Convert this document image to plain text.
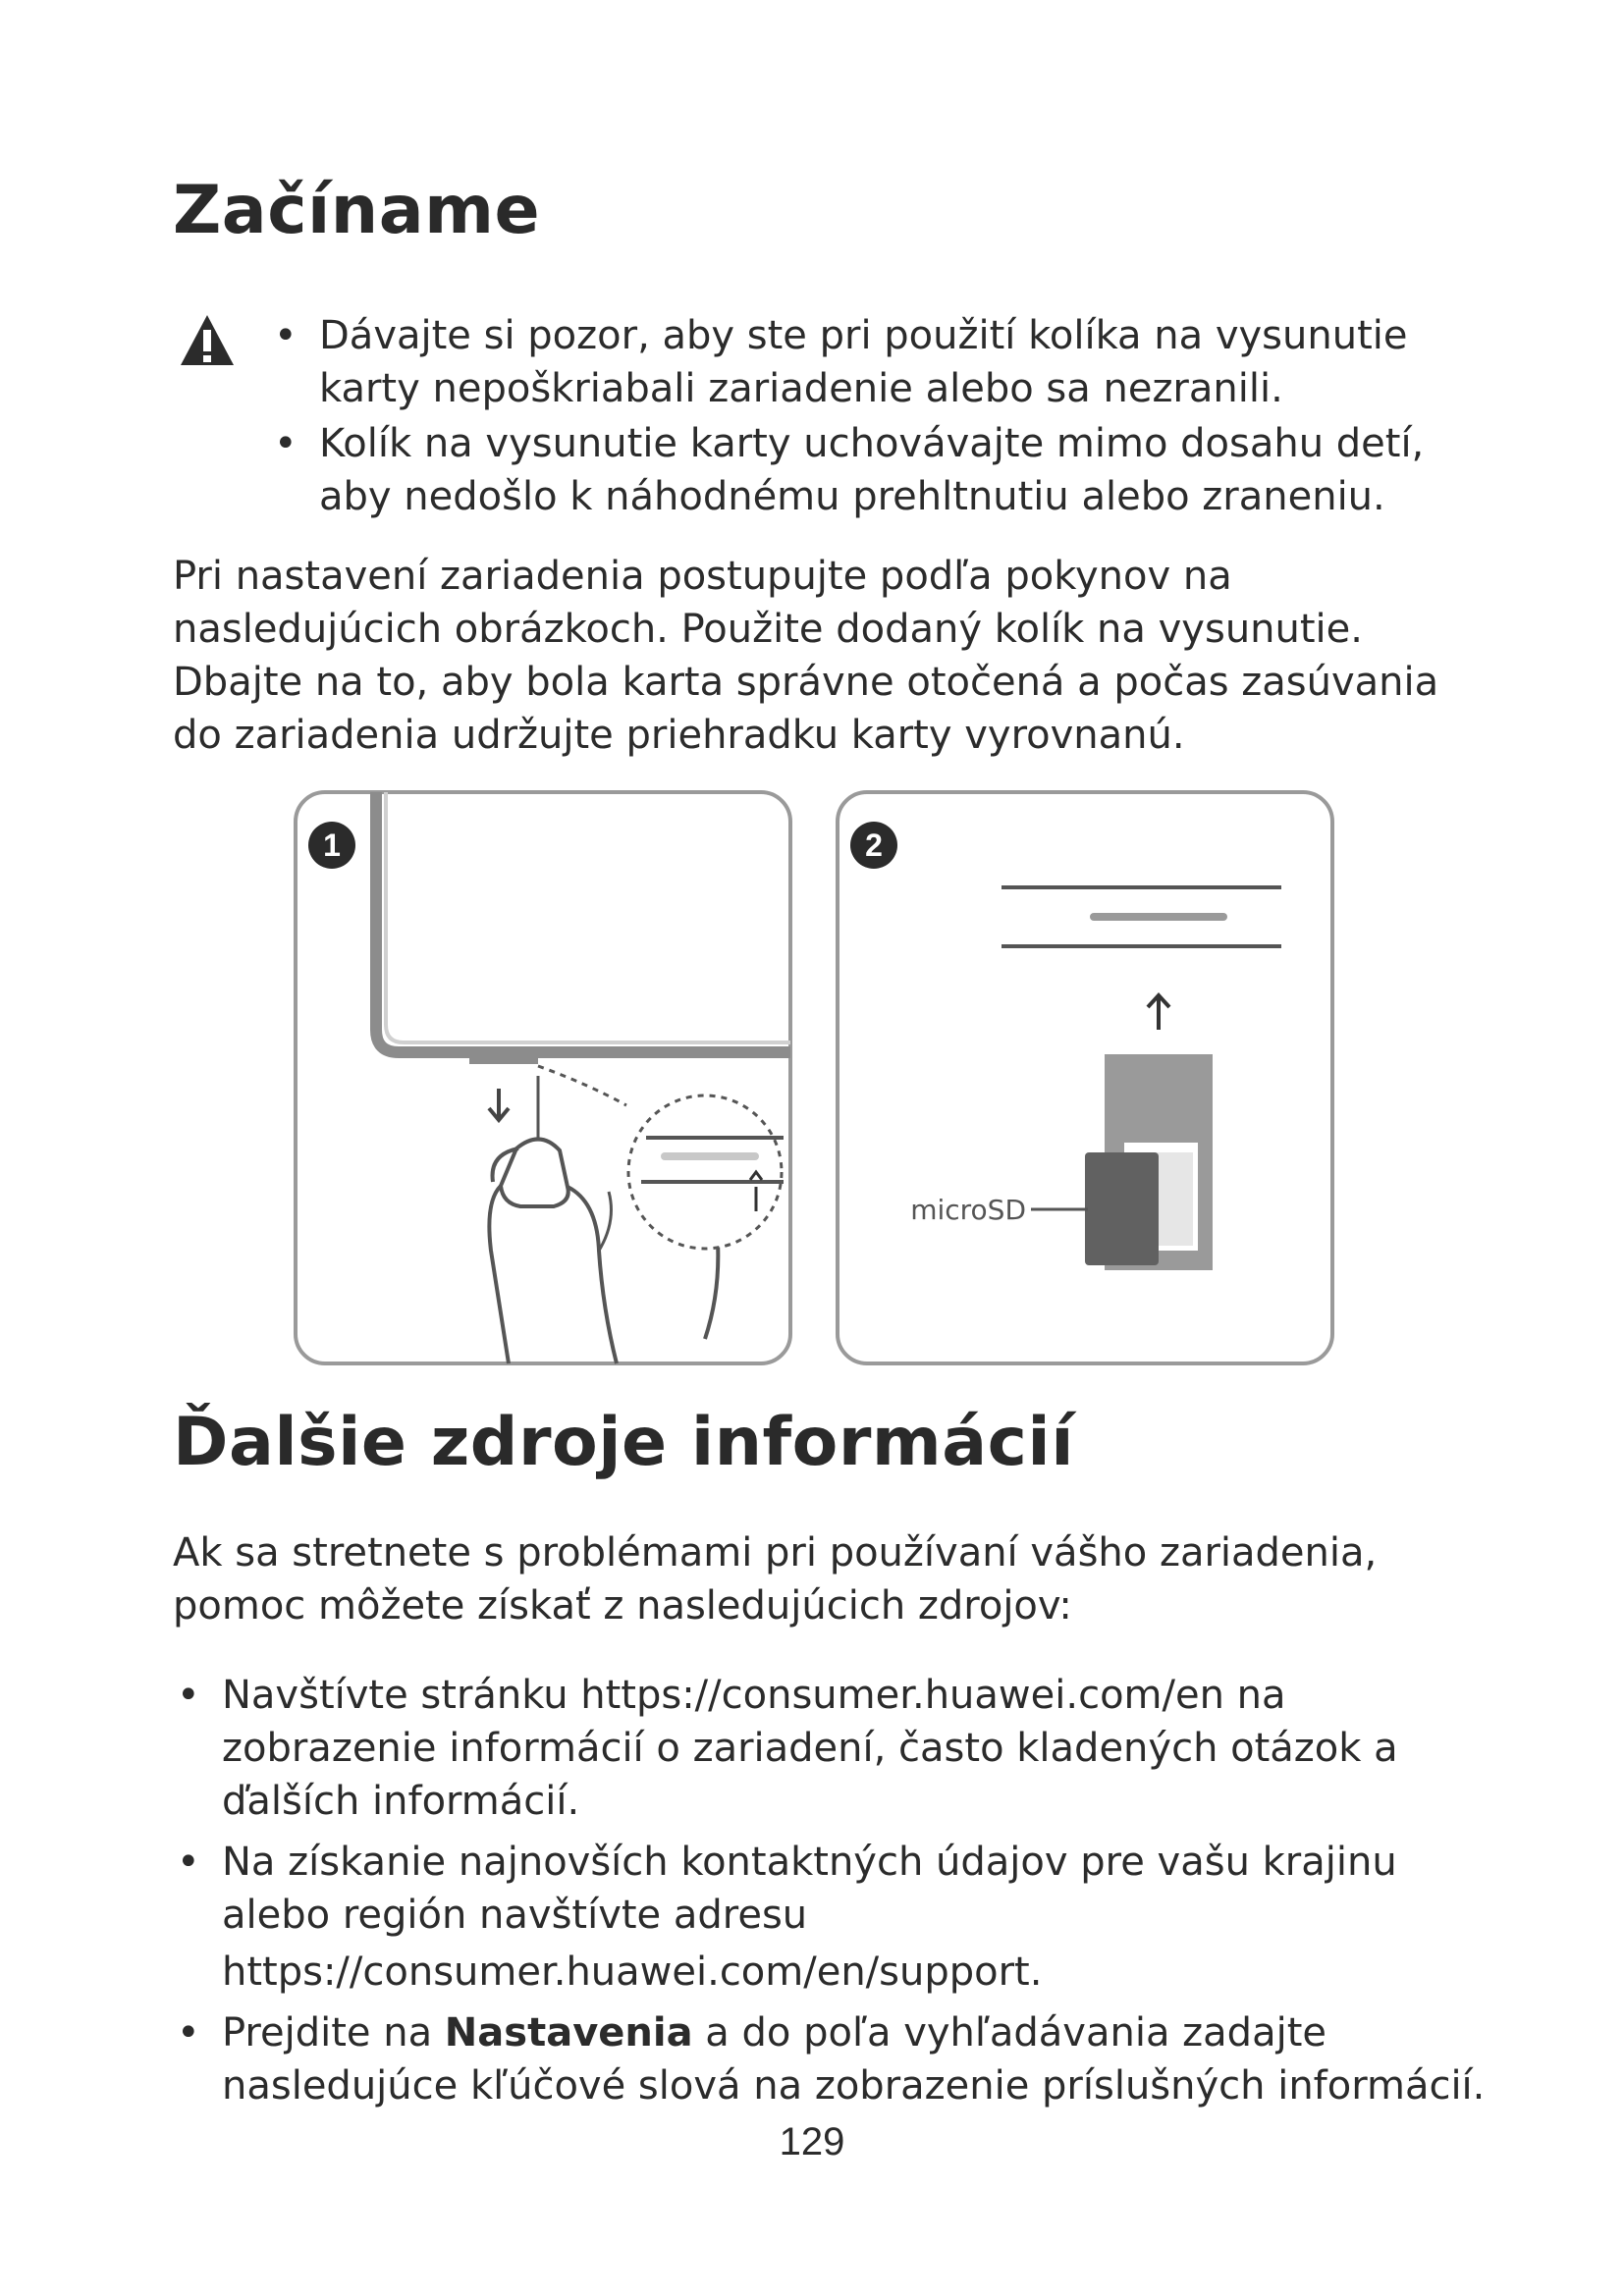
Začíname
• Dávajte si pozor, aby ste pri použití kolíka na vysunutie karty nepoškriabali zariadenie alebo sa nezranili.
• Kolík na vysunutie karty uchovávajte mimo dosahu detí, aby nedošlo k náhodnému prehltnutiu alebo zraneniu.

Pri nastavení zariadenia postupujte podľa pokynov na nasledujúcich obrázkoch. Použite dodaný kolík na vysunutie. Dbajte na to, aby bola karta správne otočená a počas zasúvania do zariadenia udržujte priehradku karty vyrovnanú.

1
microSD
2
Ďalšie zdroje informácií

Ak sa stretnete s problémami pri používaní vášho zariadenia, pomoc môžete získať z nasledujúcich zdrojov:

• Navštívte stránku https://consumer.huawei.com/en na zobrazenie informácií o zariadení, často kladených otázok a ďalších informácií.
• Na získanie najnovších kontaktných údajov pre vašu krajinu alebo región navštívte adresu
https://consumer.huawei.com/en/support.
• Prejdite na Nastavenia a do poľa vyhľadávania zadajte nasledujúce kľúčové slová na zobrazenie príslušných informácií.

129
